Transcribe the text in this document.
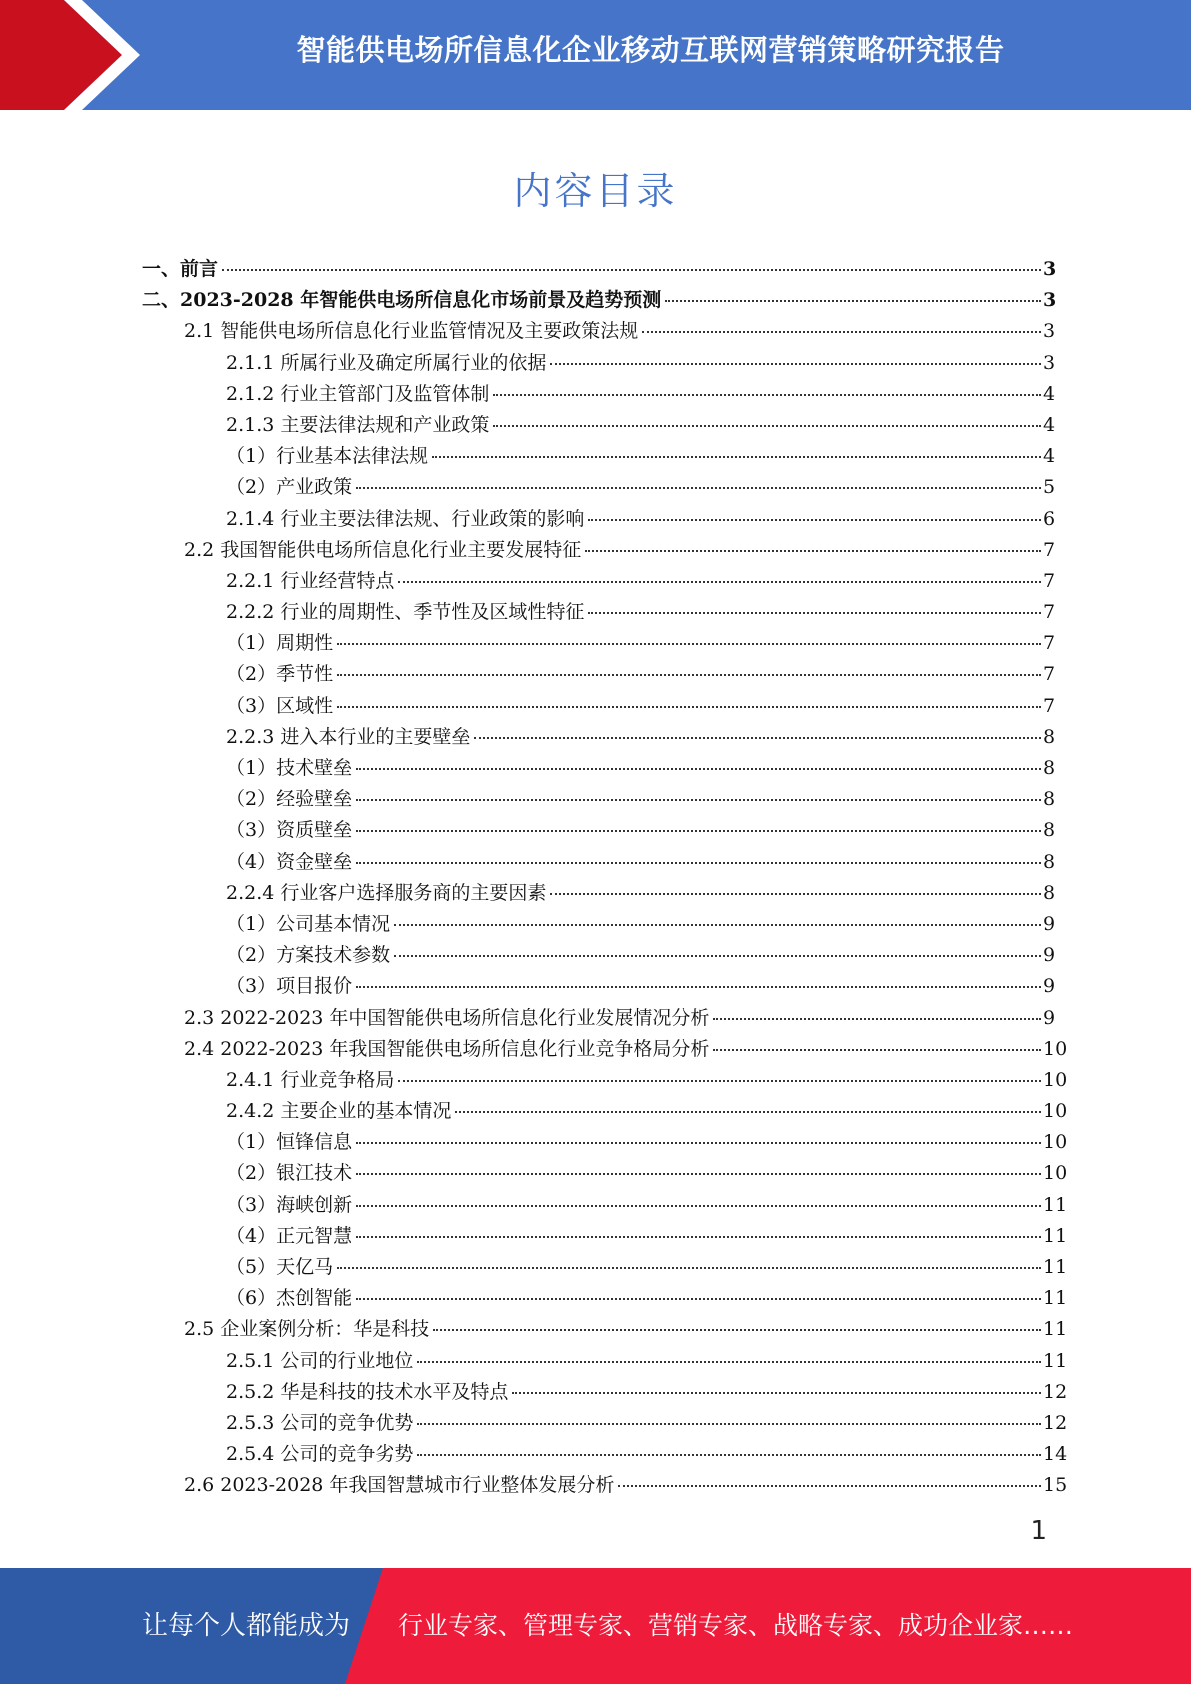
智能供电场所信息化企业移动互联网营销策略研究报告
内容目录
一、前言	3
二、2023-2028 年智能供电场所信息化市场前景及趋势预测	3
2.1 智能供电场所信息化行业监管情况及主要政策法规	3
2.1.1 所属行业及确定所属行业的依据	3
2.1.2 行业主管部门及监管体制	4
2.1.3 主要法律法规和产业政策	4
（1）行业基本法律法规	4
（2）产业政策	5
2.1.4 行业主要法律法规、行业政策的影响	6
2.2 我国智能供电场所信息化行业主要发展特征	7
2.2.1 行业经营特点	7
2.2.2 行业的周期性、季节性及区域性特征	7
（1）周期性	7
（2）季节性	7
（3）区域性	7
2.2.3 进入本行业的主要壁垒	8
（1）技术壁垒	8
（2）经验壁垒	8
（3）资质壁垒	8
（4）资金壁垒	8
2.2.4 行业客户选择服务商的主要因素	8
（1）公司基本情况	9
（2）方案技术参数	9
（3）项目报价	9
2.3 2022-2023 年中国智能供电场所信息化行业发展情况分析	9
2.4 2022-2023 年我国智能供电场所信息化行业竞争格局分析	10
2.4.1 行业竞争格局	10
2.4.2 主要企业的基本情况	10
（1）恒锋信息	10
（2）银江技术	10
（3）海峡创新	11
（4）正元智慧	11
（5）天亿马	11
（6）杰创智能	11
2.5 企业案例分析：华是科技	11
2.5.1 公司的行业地位	11
2.5.2 华是科技的技术水平及特点	12
2.5.3 公司的竞争优势	12
2.5.4 公司的竞争劣势	14
2.6 2023-2028 年我国智慧城市行业整体发展分析	15
1
让每个人都能成为 行业专家、管理专家、营销专家、战略专家、成功企业家……
